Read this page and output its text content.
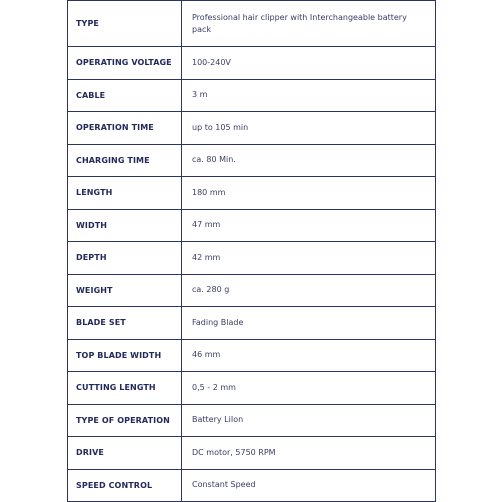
TYPE	Professional hair clipper with Interchangeable battery pack
OPERATING VOLTAGE	100-240V
CABLE	3 m
OPERATION TIME	up to 105 min
CHARGING TIME	ca. 80 Min.
LENGTH	180 mm
WIDTH	47 mm
DEPTH	42 mm
WEIGHT	ca. 280 g
BLADE SET	Fading Blade
TOP BLADE WIDTH	46 mm
CUTTING LENGTH	0,5 - 2 mm
TYPE OF OPERATION	Battery LiIon
DRIVE	DC motor, 5750 RPM
SPEED CONTROL	Constant Speed
